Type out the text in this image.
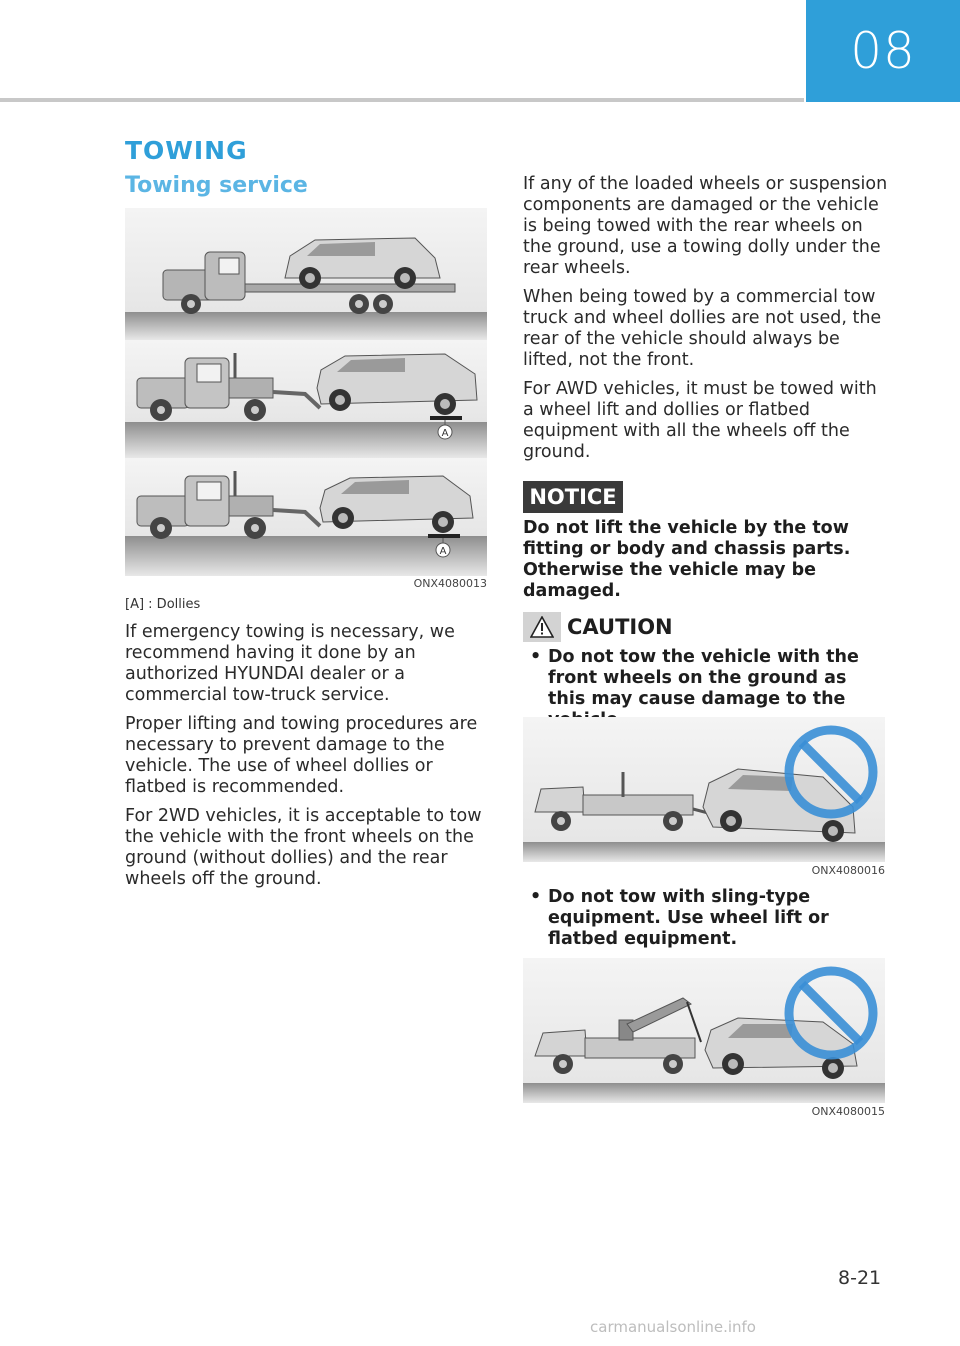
08
TOWING
Towing service
A
A
ONX4080013
[A] : Dollies

If emergency towing is necessary, we recommend having it done by an authorized HYUNDAI dealer or a commercial tow-truck service.

Proper lifting and towing procedures are necessary to prevent damage to the vehicle. The use of wheel dollies or flatbed is recommended.

For 2WD vehicles, it is acceptable to tow the vehicle with the front wheels on the ground (without dollies) and the rear wheels off the ground.

If any of the loaded wheels or suspension components are damaged or the vehicle is being towed with the rear wheels on the ground, use a towing dolly under the rear wheels.

When being towed by a commercial tow truck and wheel dollies are not used, the rear of the vehicle should always be lifted, not the front.

For AWD vehicles, it must be towed with a wheel lift and dollies or flatbed equipment with all the wheels off the ground.

NOTICE
Do not lift the vehicle by the tow fitting or body and chassis parts. Otherwise the vehicle may be damaged.
CAUTION
• Do not tow the vehicle with the front wheels on the ground as this may cause damage to the
ONX4080016
• Do not tow with sling-type equipment. Use wheel lift or flatbed equipment.
ONX4080015
8-21
carmanualsonline.info
